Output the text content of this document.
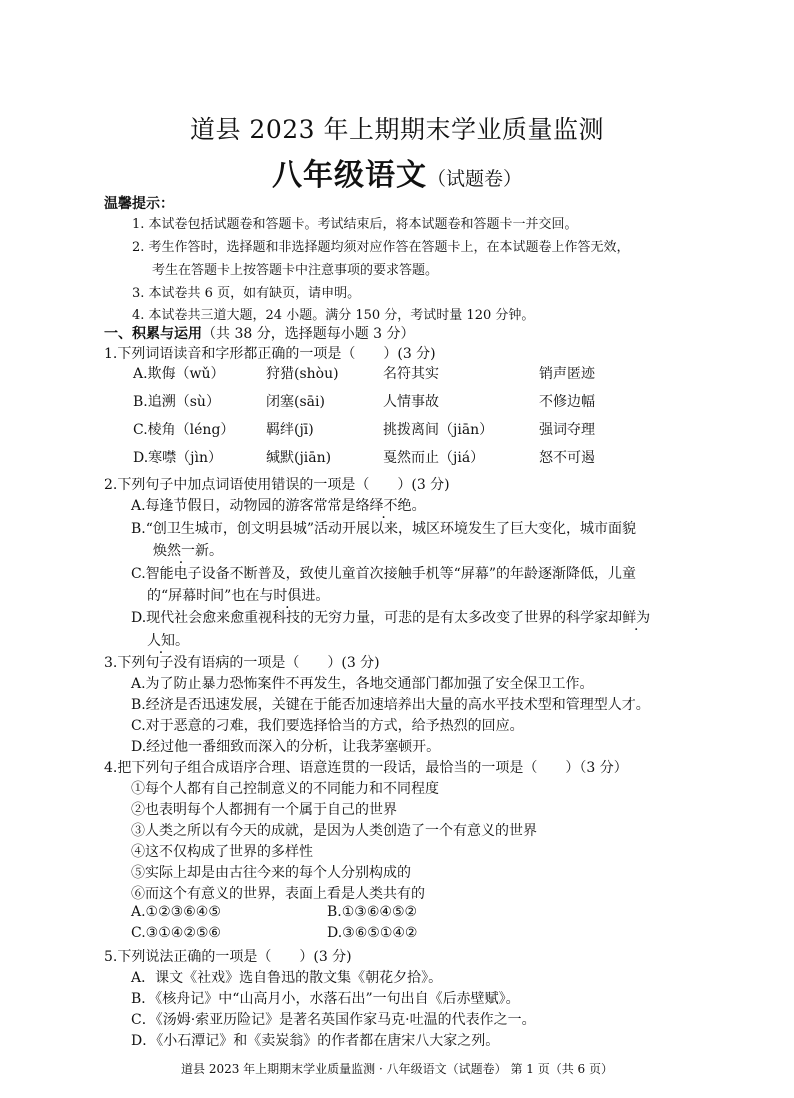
道县 2023 年上期期末学业质量监测
八年级语文（试题卷）
温馨提示：
1. 本试卷包括试题卷和答题卡。考试结束后，将本试题卷和答题卡一并交回。
2. 考生作答时，选择题和非选择题均须对应作答在答题卡上，在本试题卷上作答无效，
考生在答题卡上按答题卡中注意事项的要求答题。
3. 本试卷共 6 页，如有缺页，请申明。
4. 本试卷共三道大题，24 小题。满分 150 分，考试时量 120 分钟。
一、积累与运用（共 38 分，选择题每小题 3 分）
1.下列词语读音和字形都正确的一项是（　　）(3 分)
A.欺侮（wǔ）	狩猎(shòu)	名符其实	销声匿迹
B.追溯（sù）	闭塞(sāi)	人情事故	不修边幅
C.棱角（léng） 羁绊(jī)	挑拨离间（jiān）	强词夺理
D.寒噤（jìn）	缄默(jiān)	戛然而止（jiá）	怒不可遏
2.下列句子中加点词语使用错误的一项是（　　）(3 分)
A.每逢节假日，动物园的游客常常是络绎不绝。
B.“创卫生城市，创文明县城”活动开展以来，城区环境发生了巨大变化，城市面貌
焕然一新。
C.智能电子设备不断普及，致使儿童首次接触手机等“屏幕”的年龄逐渐降低，儿童
的“屏幕时间”也在与时俱进。
D.现代社会愈来愈重视科技的无穷力量，可悲的是有太多改变了世界的科学家却鲜为
人知。
3.下列句子没有语病的一项是（　　）(3 分)
A.为了防止暴力恐怖案件不再发生，各地交通部门都加强了安全保卫工作。
B.经济是否迅速发展，关键在于能否加速培养出大量的高水平技术型和管理型人才。
C.对于恶意的刁难，我们要选择恰当的方式，给予热烈的回应。
D.经过他一番细致而深入的分析，让我茅塞顿开。
4.把下列句子组合成语序合理、语意连贯的一段话，最恰当的一项是（　　）（3 分）
①每个人都有自己控制意义的不同能力和不同程度
②也表明每个人都拥有一个属于自己的世界
③人类之所以有今天的成就，是因为人类创造了一个有意义的世界
④这不仅构成了世界的多样性
⑤实际上却是由古往今来的每个人分别构成的
⑥而这个有意义的世界，表面上看是人类共有的
A.①②③⑥④⑤	B.①③⑥④⑤②
C.③①④②⑤⑥	D.③⑥⑤①④②
5.下列说法正确的一项是（　　）(3 分)
A．课文《社戏》选自鲁迅的散文集《朝花夕拾》。
B．《核舟记》中“山高月小，水落石出”一句出自《后赤壁赋》。
C．《汤姆·索亚历险记》是著名英国作家马克·吐温的代表作之一。
D．《小石潭记》和《卖炭翁》的作者都在唐宋八大家之列。
道县 2023 年上期期末学业质量监测 · 八年级语文（试题卷） 第 1 页（共 6 页）
